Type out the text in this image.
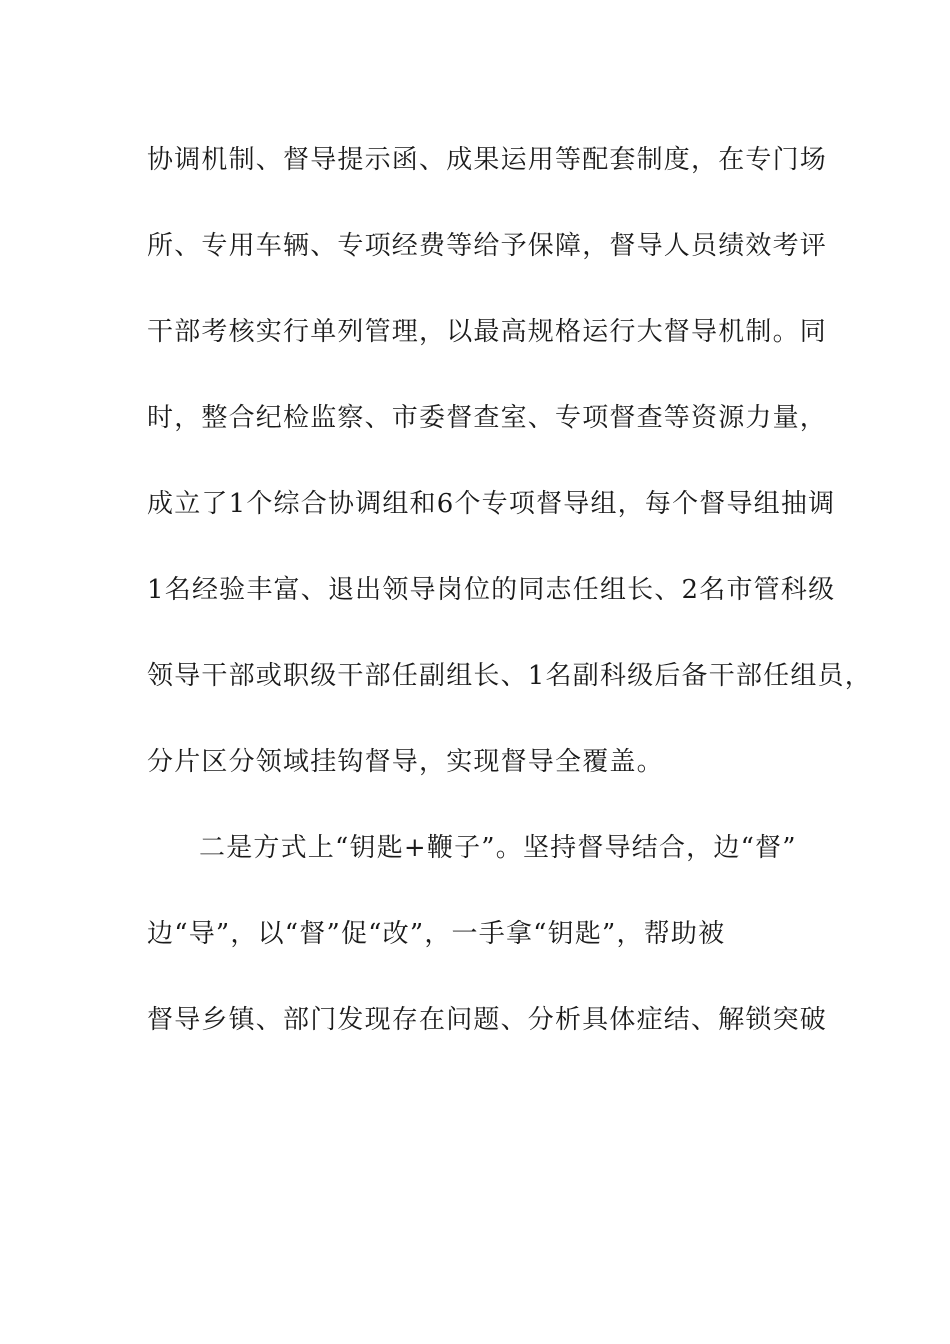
协调机制、督导提示函、成果运用等配套制度，在专门场
所、专用车辆、专项经费等给予保障，督导人员绩效考评
干部考核实行单列管理，以最高规格运行大督导机制。同
时，整合纪检监察、市委督查室、专项督查等资源力量，
成立了1个综合协调组和6个专项督导组，每个督导组抽调
1名经验丰富、退出领导岗位的同志任组长、2名市管科级
领导干部或职级干部任副组长、1名副科级后备干部任组员，
分片区分领域挂钩督导，实现督导全覆盖。
二是方式上“钥匙+鞭子”。坚持督导结合，边“督”
边“导”，以“督”促“改”，一手拿“钥匙”，帮助被
督导乡镇、部门发现存在问题、分析具体症结、解锁突破
